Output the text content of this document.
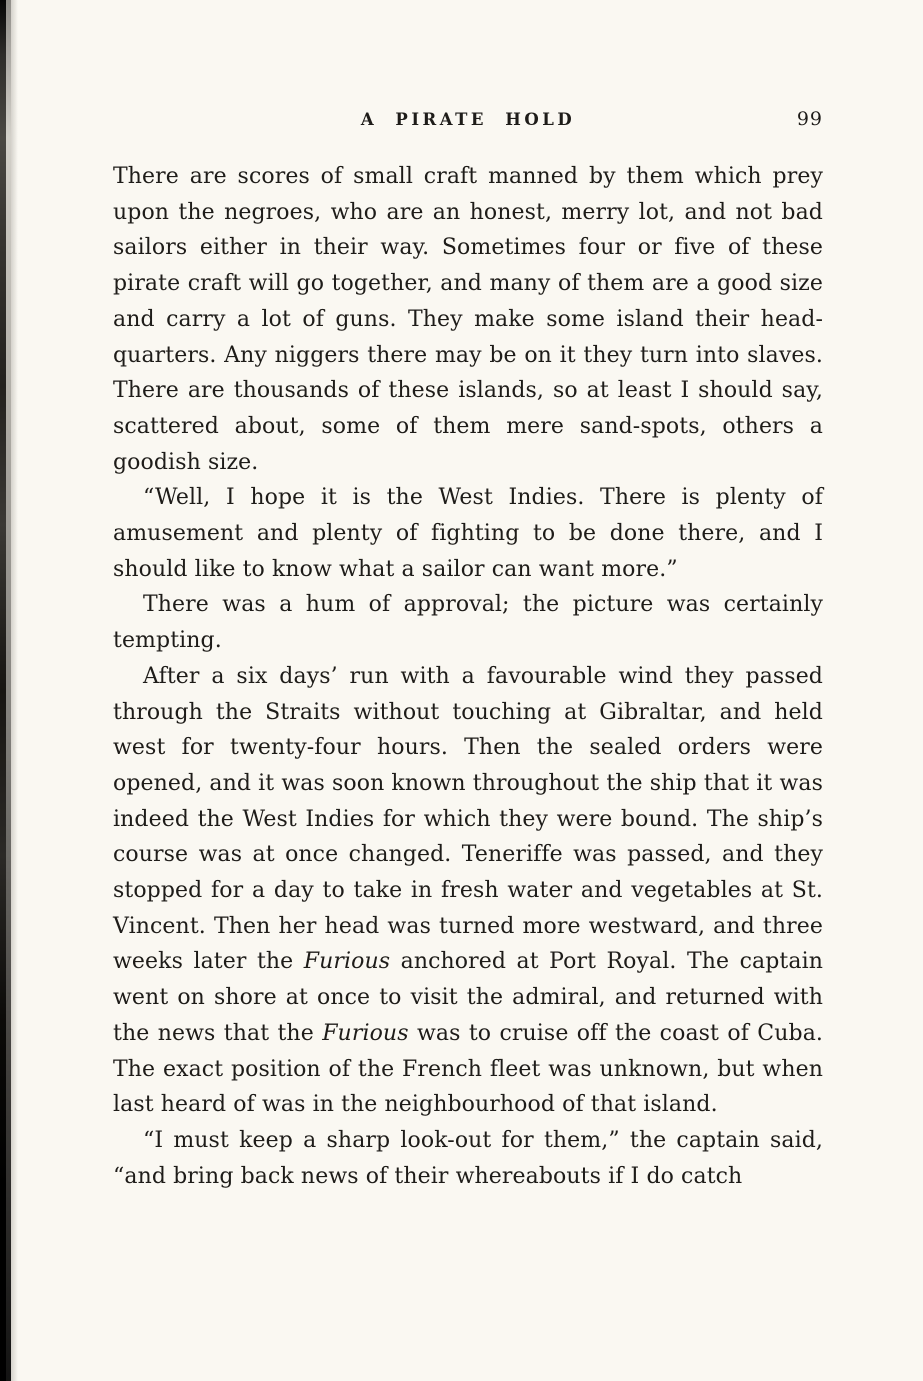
A PIRATE HOLD	99

There are scores of small craft manned by them which prey upon the negroes, who are an honest, merry lot, and not bad sailors either in their way. Sometimes four or five of these pirate craft will go together, and many of them are a good size and carry a lot of guns. They make some island their head-quarters. Any niggers there may be on it they turn into slaves. There are thousands of these islands, so at least I should say, scattered about, some of them mere sand-spots, others a goodish size.

“Well, I hope it is the West Indies. There is plenty of amusement and plenty of fighting to be done there, and I should like to know what a sailor can want more.”

There was a hum of approval; the picture was certainly tempting.

After a six days’ run with a favourable wind they passed through the Straits without touching at Gibraltar, and held west for twenty-four hours. Then the sealed orders were opened, and it was soon known throughout the ship that it was indeed the West Indies for which they were bound. The ship’s course was at once changed. Teneriffe was passed, and they stopped for a day to take in fresh water and vegetables at St. Vincent. Then her head was turned more westward, and three weeks later the Furious anchored at Port Royal. The captain went on shore at once to visit the admiral, and returned with the news that the Furious was to cruise off the coast of Cuba. The exact position of the French fleet was unknown, but when last heard of was in the neighbourhood of that island.

“I must keep a sharp look-out for them,” the captain said, “and bring back news of their whereabouts if I do catch
